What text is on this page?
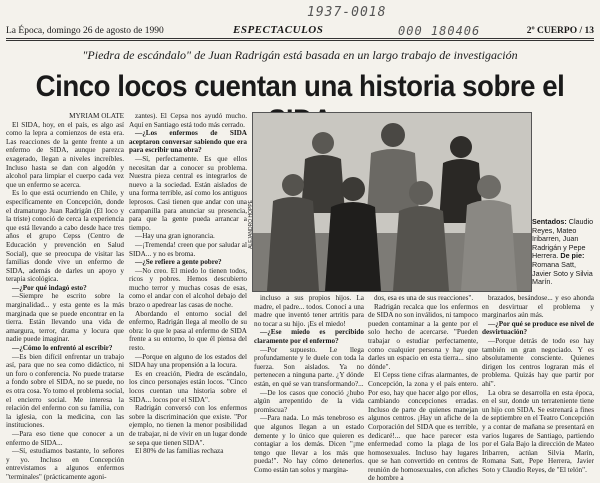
La Época, domingo 26 de agosto de 1990	ESPECTACULOS	2º CUERPO / 13
1937-0018
000 180406
"Piedra de escándalo" de Juan Radrigán está basada en un largo trabajo de investigación
Cinco locos cuentan una historia sobre el

MYRIAM OLATE

El SIDA, hoy, en el país, es algo así como la lepra a comienzos de esta era. Las reacciones de la gente frente a un enfermo de SIDA, aunque parezca exagerado, llegan a niveles increíbles. Incluso hasta se dan con algodón y alcohol para limpiar el cuerpo cada vez que un enfermo se acerca.

Es lo que está ocurriendo en Chile, y específicamente en Concepción, donde el dramaturgo Juan Radrigán (El loco y la triste) conoció de cerca la experiencia que está llevando a cabo desde hace tres años el grupo Cepss (Centro de Educación y prevención en Salud Social), que se preocupa de visitar las familias donde vive un enfermo de SIDA, además de darles un apoyo y terapia sicológica.

—¿Por qué indagó esto?

—Siempre he escrito sobre la marginalidad... y esta gente es la más marginada que se puede encontrar en la tierra. Están llevando una vida de amargura, terror, drama y locura que nadie puede imaginar.

—¿Cómo lo enfrentó al escribir?

—Es bien difícil enfrentar un trabajo así, para que no sea como didáctico, ni un foro o conferencia. No puede tratarse a fondo sobre el SIDA, no se puede, no es otra cosa. Yo tomo el problema social, el encierro social. Me interesa la relación del enfermo con su familia, con la iglesia, con la medicina, con las instituciones.

—Para eso tiene que conocer a un enfermo de SIDA...

—Sí, estudiamos bastante, lo señores y yo. Incluso en Concepción entrevistamos a algunos enfermos "terminales" (prácticamente agoni-

zantes). El Cepsa nos ayudó mucho. Aquí en Santiago está todo más cerrado.

—¿Los enfermos de SIDA aceptaron conversar sabiendo que era para escribir una obra?

—Sí, perfectamente. Es que ellos necesitan dar a conocer su problema. Nuestra pieza central es integrarlos de nuevo a la sociedad. Están aislados de una forma terrible, así como los antiguos leprosos. Casi tienen que andar con una campanilla para anunciar su presencia, para que la gente pueda arrancar a tiempo.

—Hay una gran ignorancia.

—¡Tremenda! creen que por saludar al SIDA... y no es broma.

—¿Se refiere a gente pobre?

—No creo. El miedo lo tienen todos, ricos y pobres. Hemos descubierto mucho terror y muchas cosas de esas, como el andar con el alcohol debajo del brazo o apedrear las casas de noche.

Abordando el entorno social del enfermo, Radrigán llega al meollo de su obra: lo que le pasa al enfermo de SIDA frente a su entorno, lo que él piensa del resto.

—Porque en alguno de los estados del SIDA hay una propensión a la locura.

Es en creación, Piedra de escándalo, los cinco personajes están locos. "Cinco locos cuentan una historia sobre el SIDA... locos por el SIDA".

Radrigán conversó con los enfermos sobre la discriminación que existe. "Por ejemplo, no tienen la menor posibilidad de trabajar, ni de vivir en un lugar donde se sepa que tienen SIDA".

El 80% de las familias rechaza

ALEJANDRO HOPPE	Sentados: Claudio Reyes, Mateo Iribarren, Juan Radrigán y Pepe Herrera. De pie: Romana Satt, Javier Soto y Silvia Marín.

incluso a sus propios hijos. La madre, el padre... todos. Conocí a una madre que inventó tener artritis para no tocar a su hijo. ¡Es el miedo!

—¿Ese miedo es percibido claramente por el enfermo?

—Por supuesto. Le llega profundamente y le duele con toda la fuerza. Son aislados. Ya no pertenecen a ninguna parte. ¿Y dónde están, en qué se van transformando?...

—De los casos que conoció ¿hubo algún arrepentido de la vida promiscua?

—Para nada. Lo más tenebroso es que algunos llegan a un estado demente y lo único que quieren es contagiar a los demás. Dicen "¡me tengo que llevar a los más que pueda!". No hay cómo detenerlos. Como están tan solos y margina-

dos, esa es una de sus reacciones".

Radrigán recalca que los enfermos de SIDA no son inválidos, ni tampoco pueden contaminar a la gente por el solo hecho de acercarse. "Pueden trabajar o estudiar perfectamente, como cualquier persona y hay que darles un espacio en esta tierra... sino dónde".

El Cepss tiene cifras alarmantes, de Concepción, la zona y el país entero. Por eso, hay que hacer algo por ellos, cambiando concepciones erradas. Incluso de parte de quienes manejan algunos centros. ¡Hay un afiche de la Corporación del SIDA que es terrible, dedicaré!... que hace parecer esta enfermedad como la plaga de los homosexuales. Incluso hay lugares que se han convertido en centros de reunión de homosexuales, con afiches de hombre a

brazados, besándose... y eso ahonda en desvirtuar el problema y marginarlos aún más.

—¿Por qué se produce ese nivel de desvirtuación?

—Porque detrás de todo eso hay también un gran negociado. Y es absolutamente consciente. Quienes dirigen los centros lograran más el problema. Quizás hay que partir por ahí".

La obra se desarrolla en esta época, en el sur, donde un terrateniente tiene un hijo con SIDA. Se estrenará a fines de septiembre en el Teatro Concepción y a contar de mañana se presentará en varios lugares de Santiago, partiendo por el Gala Bajo la dirección de Mateo Iribarren, actúan Silvia Marín, Romana Satt, Pepe Herrera, Javier Soto y Claudio Reyes, de "El telón".
